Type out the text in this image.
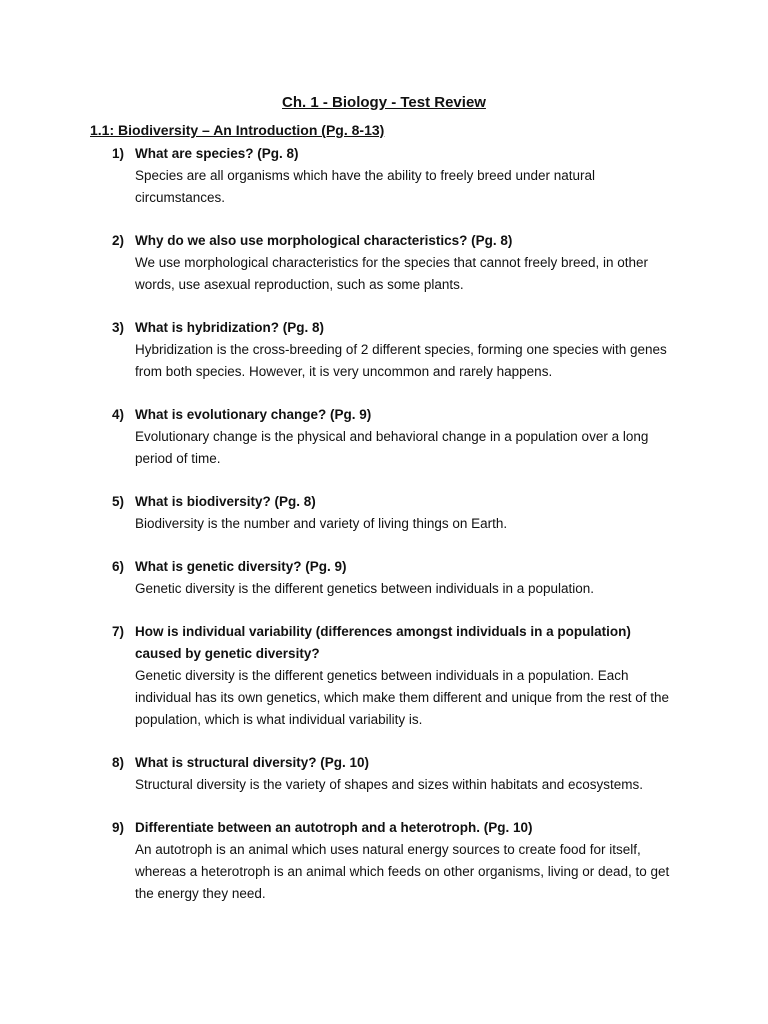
Ch. 1 - Biology - Test Review
1.1: Biodiversity – An Introduction (Pg. 8-13)
1) What are species? (Pg. 8)
Species are all organisms which have the ability to freely breed under natural circumstances.
2) Why do we also use morphological characteristics? (Pg. 8)
We use morphological characteristics for the species that cannot freely breed, in other words, use asexual reproduction, such as some plants.
3) What is hybridization? (Pg. 8)
Hybridization is the cross-breeding of 2 different species, forming one species with genes from both species. However, it is very uncommon and rarely happens.
4) What is evolutionary change? (Pg. 9)
Evolutionary change is the physical and behavioral change in a population over a long period of time.
5) What is biodiversity? (Pg. 8)
Biodiversity is the number and variety of living things on Earth.
6) What is genetic diversity? (Pg. 9)
Genetic diversity is the different genetics between individuals in a population.
7) How is individual variability (differences amongst individuals in a population) caused by genetic diversity?
Genetic diversity is the different genetics between individuals in a population. Each individual has its own genetics, which make them different and unique from the rest of the population, which is what individual variability is.
8) What is structural diversity? (Pg. 10)
Structural diversity is the variety of shapes and sizes within habitats and ecosystems.
9) Differentiate between an autotroph and a heterotroph. (Pg. 10)
An autotroph is an animal which uses natural energy sources to create food for itself, whereas a heterotroph is an animal which feeds on other organisms, living or dead, to get the energy they need.
